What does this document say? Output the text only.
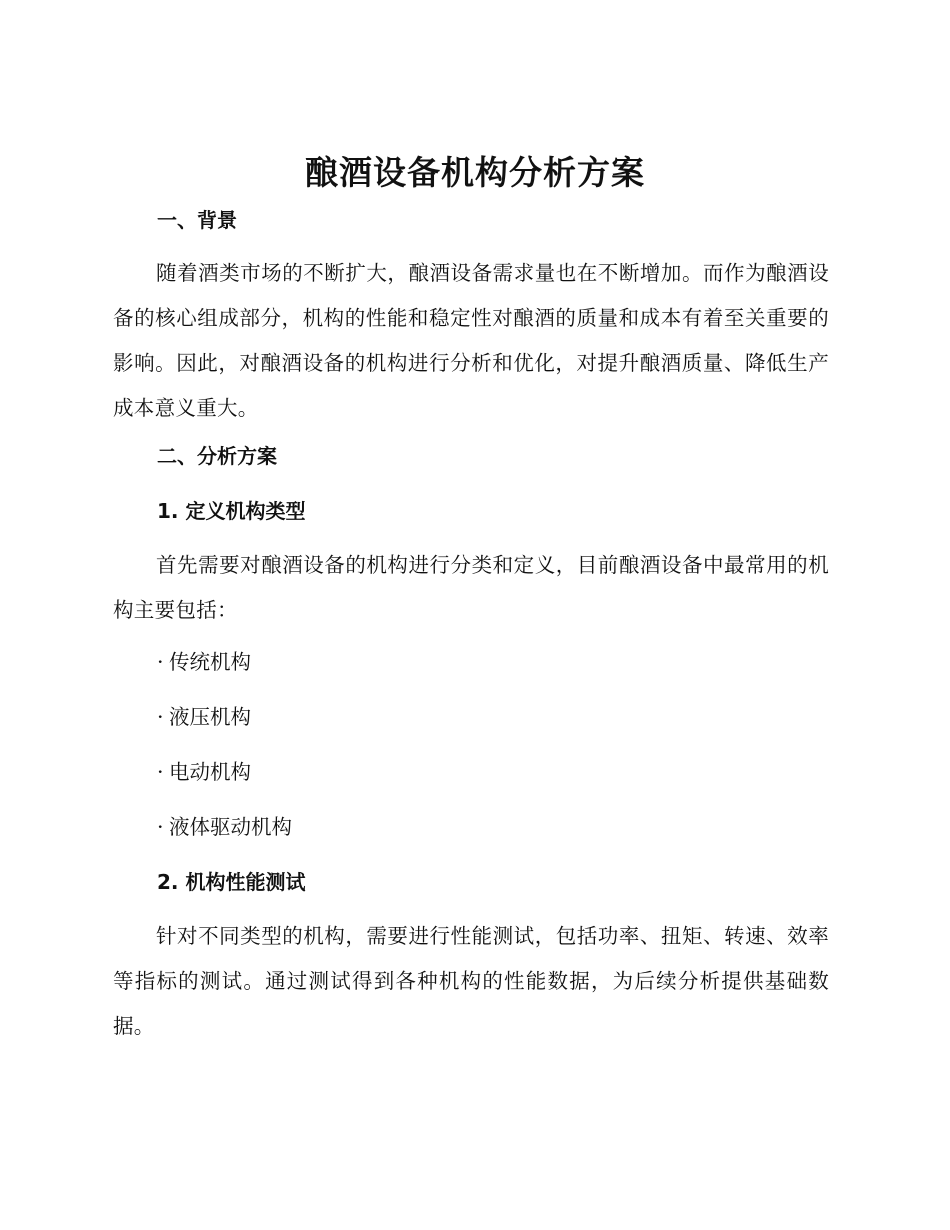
酿酒设备机构分析方案
一、背景

随着酒类市场的不断扩大，酿酒设备需求量也在不断增加。而作为酿酒设备的核心组成部分，机构的性能和稳定性对酿酒的质量和成本有着至关重要的影响。因此，对酿酒设备的机构进行分析和优化，对提升酿酒质量、降低生产成本意义重大。

二、分析方案
1. 定义机构类型

首先需要对酿酒设备的机构进行分类和定义，目前酿酒设备中最常用的机构主要包括：

· 传统机构

· 液压机构

· 电动机构

· 液体驱动机构

2. 机构性能测试

针对不同类型的机构，需要进行性能测试，包括功率、扭矩、转速、效率等指标的测试。通过测试得到各种机构的性能数据，为后续分析提供基础数据。
